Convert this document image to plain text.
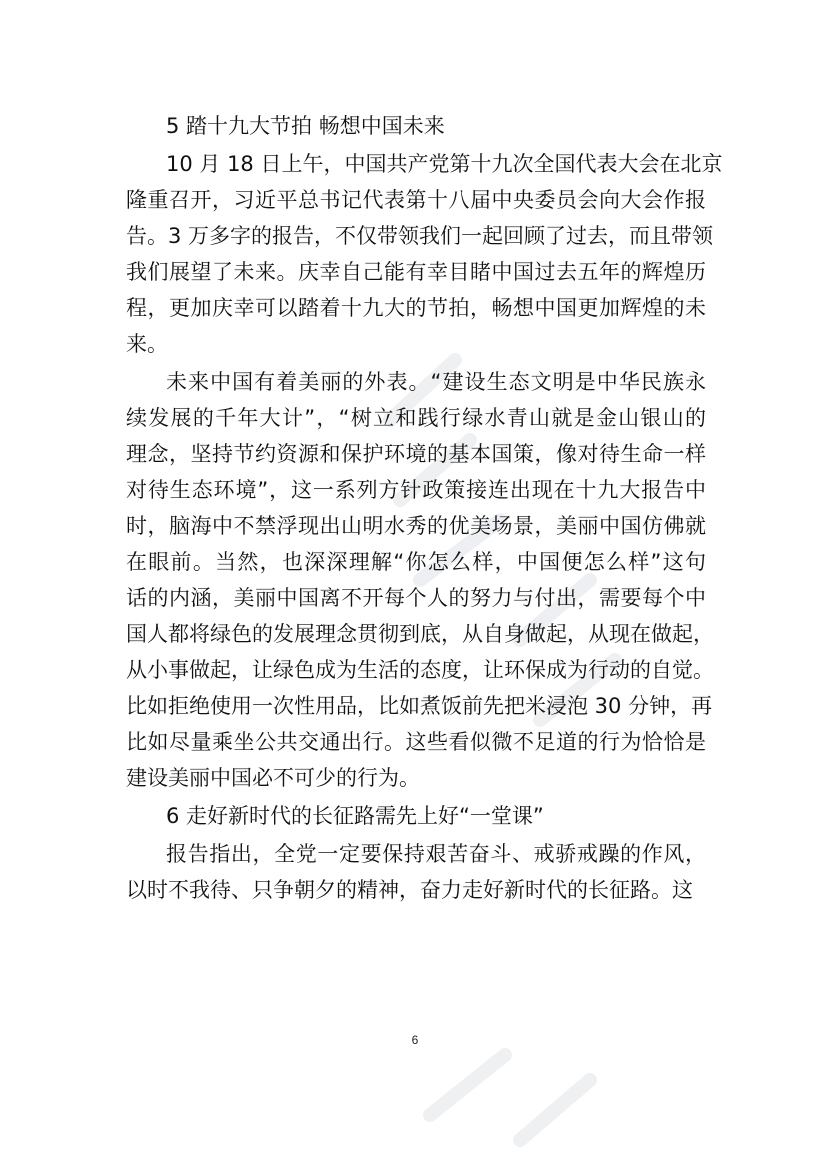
5 踏十九大节拍 畅想中国未来
10 月 18 日上午，中国共产党第十九次全国代表大会在北京
隆重召开，习近平总书记代表第十八届中央委员会向大会作报
告。3 万多字的报告，不仅带领我们一起回顾了过去，而且带领
我们展望了未来。庆幸自己能有幸目睹中国过去五年的辉煌历
程，更加庆幸可以踏着十九大的节拍，畅想中国更加辉煌的未
来。
未来中国有着美丽的外表。“建设生态文明是中华民族永
续发展的千年大计”，“树立和践行绿水青山就是金山银山的
理念，坚持节约资源和保护环境的基本国策，像对待生命一样
对待生态环境”，这一系列方针政策接连出现在十九大报告中
时，脑海中不禁浮现出山明水秀的优美场景，美丽中国仿佛就
在眼前。当然，也深深理解“你怎么样，中国便怎么样”这句
话的内涵，美丽中国离不开每个人的努力与付出，需要每个中
国人都将绿色的发展理念贯彻到底，从自身做起，从现在做起，
从小事做起，让绿色成为生活的态度，让环保成为行动的自觉。
比如拒绝使用一次性用品，比如煮饭前先把米浸泡 30 分钟，再
比如尽量乘坐公共交通出行。这些看似微不足道的行为恰恰是
建设美丽中国必不可少的行为。
6 走好新时代的长征路需先上好“一堂课”
报告指出，全党一定要保持艰苦奋斗、戒骄戒躁的作风，
以时不我待、只争朝夕的精神，奋力走好新时代的长征路。这
6
